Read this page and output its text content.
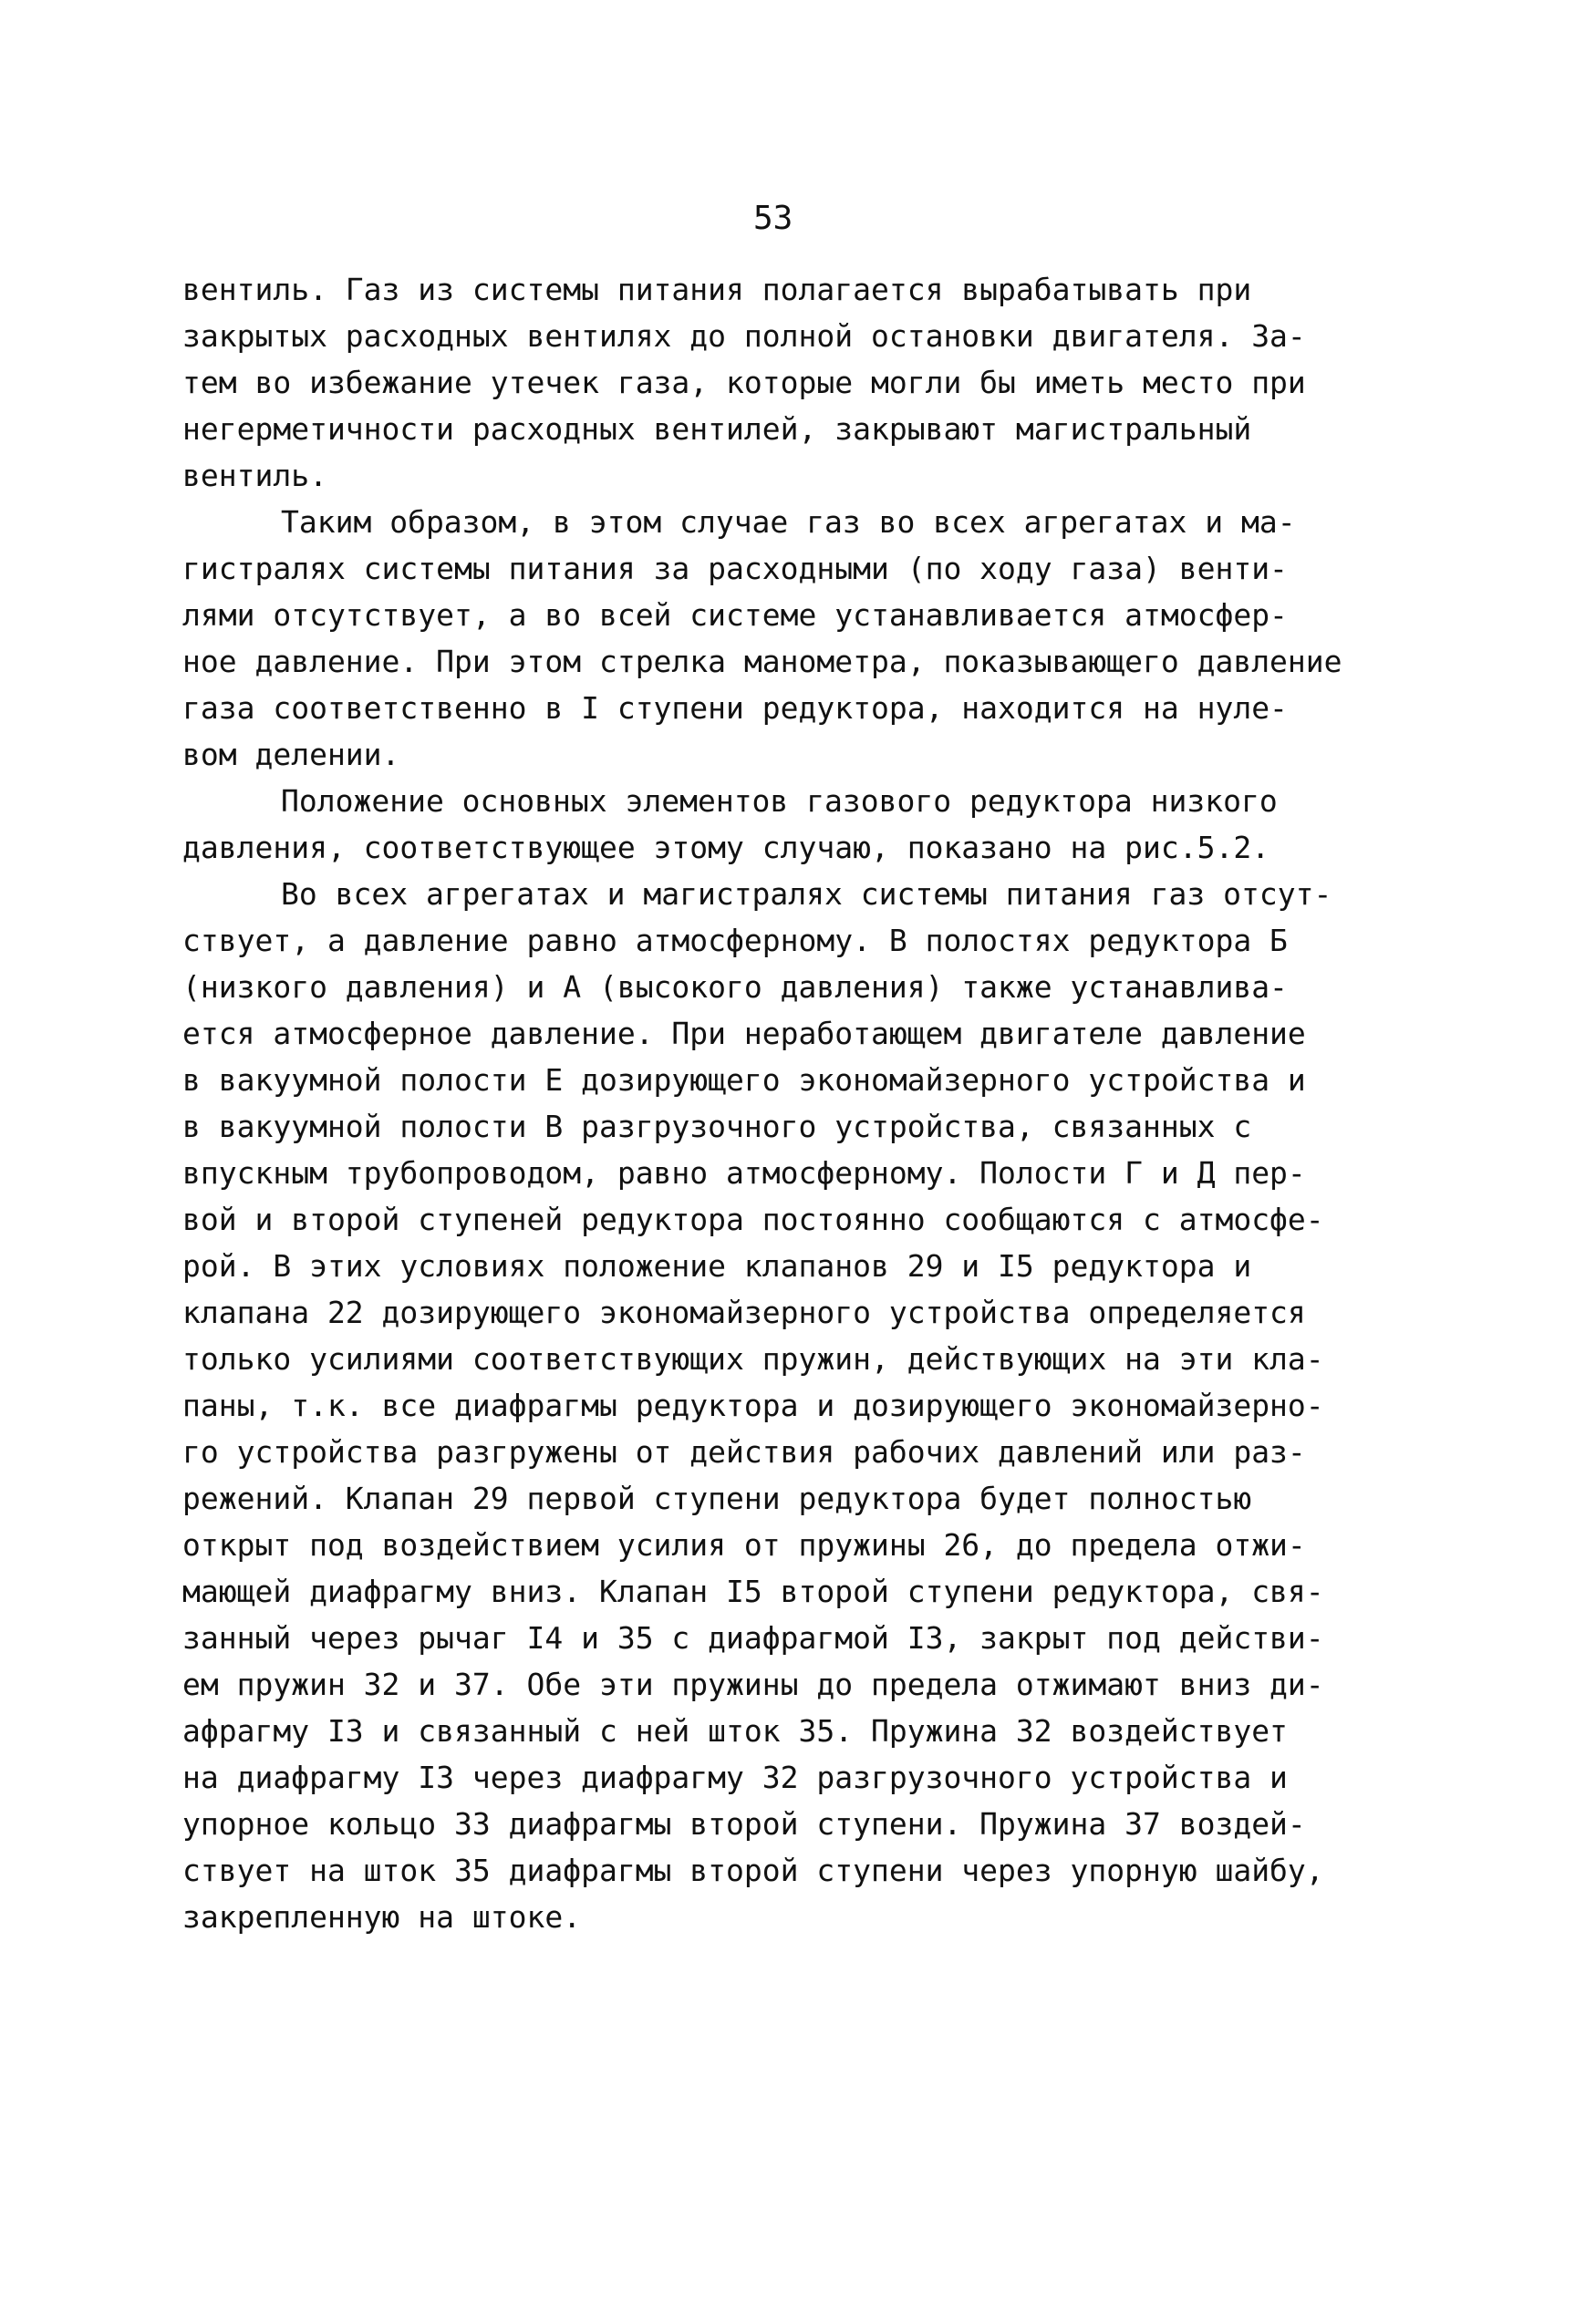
53
вентиль. Газ из системы питания полагается вырабатывать при
закрытых расходных вентилях до полной остановки двигателя. За-
тем во избежание утечек газа, которые могли бы иметь место при
негерметичности расходных вентилей, закрывают магистральный
вентиль.
Таким образом, в этом случае газ во всех агрегатах и ма-
гистралях системы питания за расходными (по ходу газа) венти-
лями отсутствует, а во всей системе устанавливается атмосфер-
ное давление. При этом стрелка манометра, показывающего давление
газа соответственно в I ступени редуктора, находится на нуле-
вом делении.
Положение основных элементов газового редуктора низкого
давления, соответствующее этому случаю, показано на рис.5.2.
Во всех агрегатах и магистралях системы питания газ отсут-
ствует, а давление равно атмосферному. В полостях редуктора Б
(низкого давления) и А (высокого давления) также устанавлива-
ется атмосферное давление. При неработающем двигателе давление
в вакуумной полости Е дозирующего экономайзерного устройства и
в вакуумной полости В разгрузочного устройства, связанных с
впускным трубопроводом, равно атмосферному. Полости Г и Д пер-
вой и второй ступеней редуктора постоянно сообщаются с атмосфе-
рой. В этих условиях положение клапанов 29 и I5 редуктора и
клапана 22 дозирующего экономайзерного устройства определяется
только усилиями соответствующих пружин, действующих на эти кла-
паны, т.к. все диафрагмы редуктора и дозирующего экономайзерно-
го устройства разгружены от действия рабочих давлений или раз-
режений. Клапан 29 первой ступени редуктора будет полностью
открыт под воздействием усилия от пружины 26, до предела отжи-
мающей диафрагму вниз. Клапан I5 второй ступени редуктора, свя-
занный через рычаг I4 и 35 с диафрагмой I3, закрыт под действи-
ем пружин 32 и 37. Обе эти пружины до предела отжимают вниз ди-
афрагму I3 и связанный с ней шток 35. Пружина 32 воздействует
на диафрагму I3 через диафрагму 32 разгрузочного устройства и
упорное кольцо 33 диафрагмы второй ступени. Пружина 37 воздей-
ствует на шток 35 диафрагмы второй ступени через упорную шайбу,
закрепленную на штоке.
